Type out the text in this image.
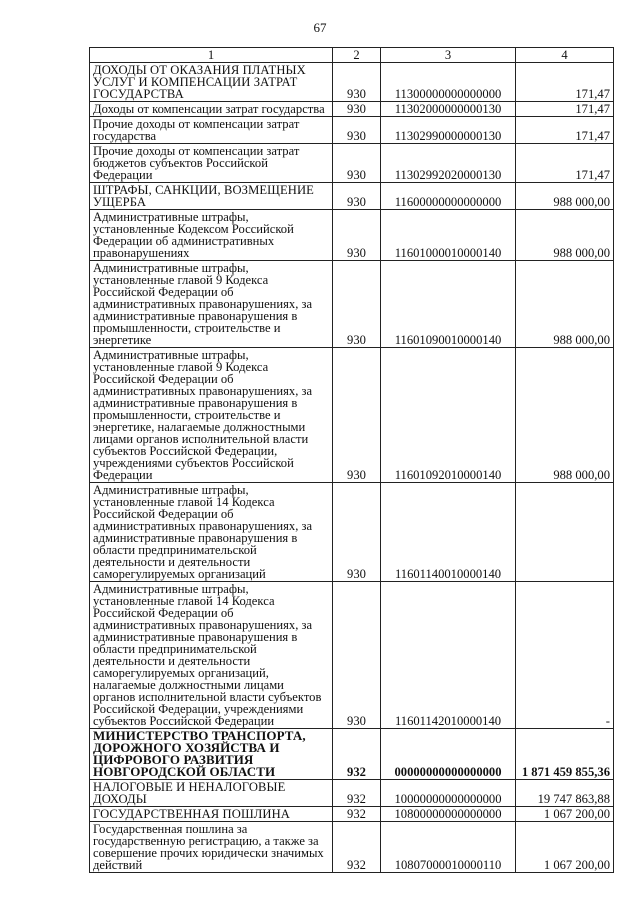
67
1	2	3	4
ДОХОДЫ ОТ ОКАЗАНИЯ ПЛАТНЫХ УСЛУГ И КОМПЕНСАЦИИ ЗАТРАТ ГОСУДАРСТВА	930	11300000000000000	171,47
Доходы от компенсации затрат государства	930	11302000000000130	171,47
Прочие доходы от компенсации затрат государства	930	11302990000000130	171,47
Прочие доходы от компенсации затрат бюджетов субъектов Российской Федерации	930	11302992020000130	171,47
ШТРАФЫ, САНКЦИИ, ВОЗМЕЩЕНИЕ УЩЕРБА	930	11600000000000000	988 000,00
Административные штрафы, установленные Кодексом Российской Федерации об административных правонарушениях	930	11601000010000140	988 000,00
Административные штрафы, установленные главой 9 Кодекса Российской Федерации об административных правонарушениях, за административные правонарушения в промышленности, строительстве и энергетике	930	11601090010000140	988 000,00
Административные штрафы, установленные главой 9 Кодекса Российской Федерации об административных правонарушениях, за административные правонарушения в промышленности, строительстве и энергетике, налагаемые должностными лицами органов исполнительной власти субъектов Российской Федерации, учреждениями субъектов Российской Федерации	930	11601092010000140	988 000,00
Административные штрафы, установленные главой 14 Кодекса Российской Федерации об административных правонарушениях, за административные правонарушения в области предпринимательской деятельности и деятельности саморегулируемых организаций	930	11601140010000140	
Административные штрафы, установленные главой 14 Кодекса Российской Федерации об административных правонарушениях, за административные правонарушения в области предпринимательской деятельности и деятельности саморегулируемых организаций, налагаемые должностными лицами органов исполнительной власти субъектов Российской Федерации, учреждениями субъектов Российской Федерации	930	11601142010000140	-
МИНИСТЕРСТВО ТРАНСПОРТА, ДОРОЖНОГО ХОЗЯЙСТВА И ЦИФРОВОГО РАЗВИТИЯ НОВГОРОДСКОЙ ОБЛАСТИ	932	00000000000000000	1 871 459 855,36
НАЛОГОВЫЕ И НЕНАЛОГОВЫЕ ДОХОДЫ	932	10000000000000000	19 747 863,88
ГОСУДАРСТВЕННАЯ ПОШЛИНА	932	10800000000000000	1 067 200,00
Государственная пошлина за государственную регистрацию, а также за совершение прочих юридически значимых действий	932	10807000010000110	1 067 200,00
